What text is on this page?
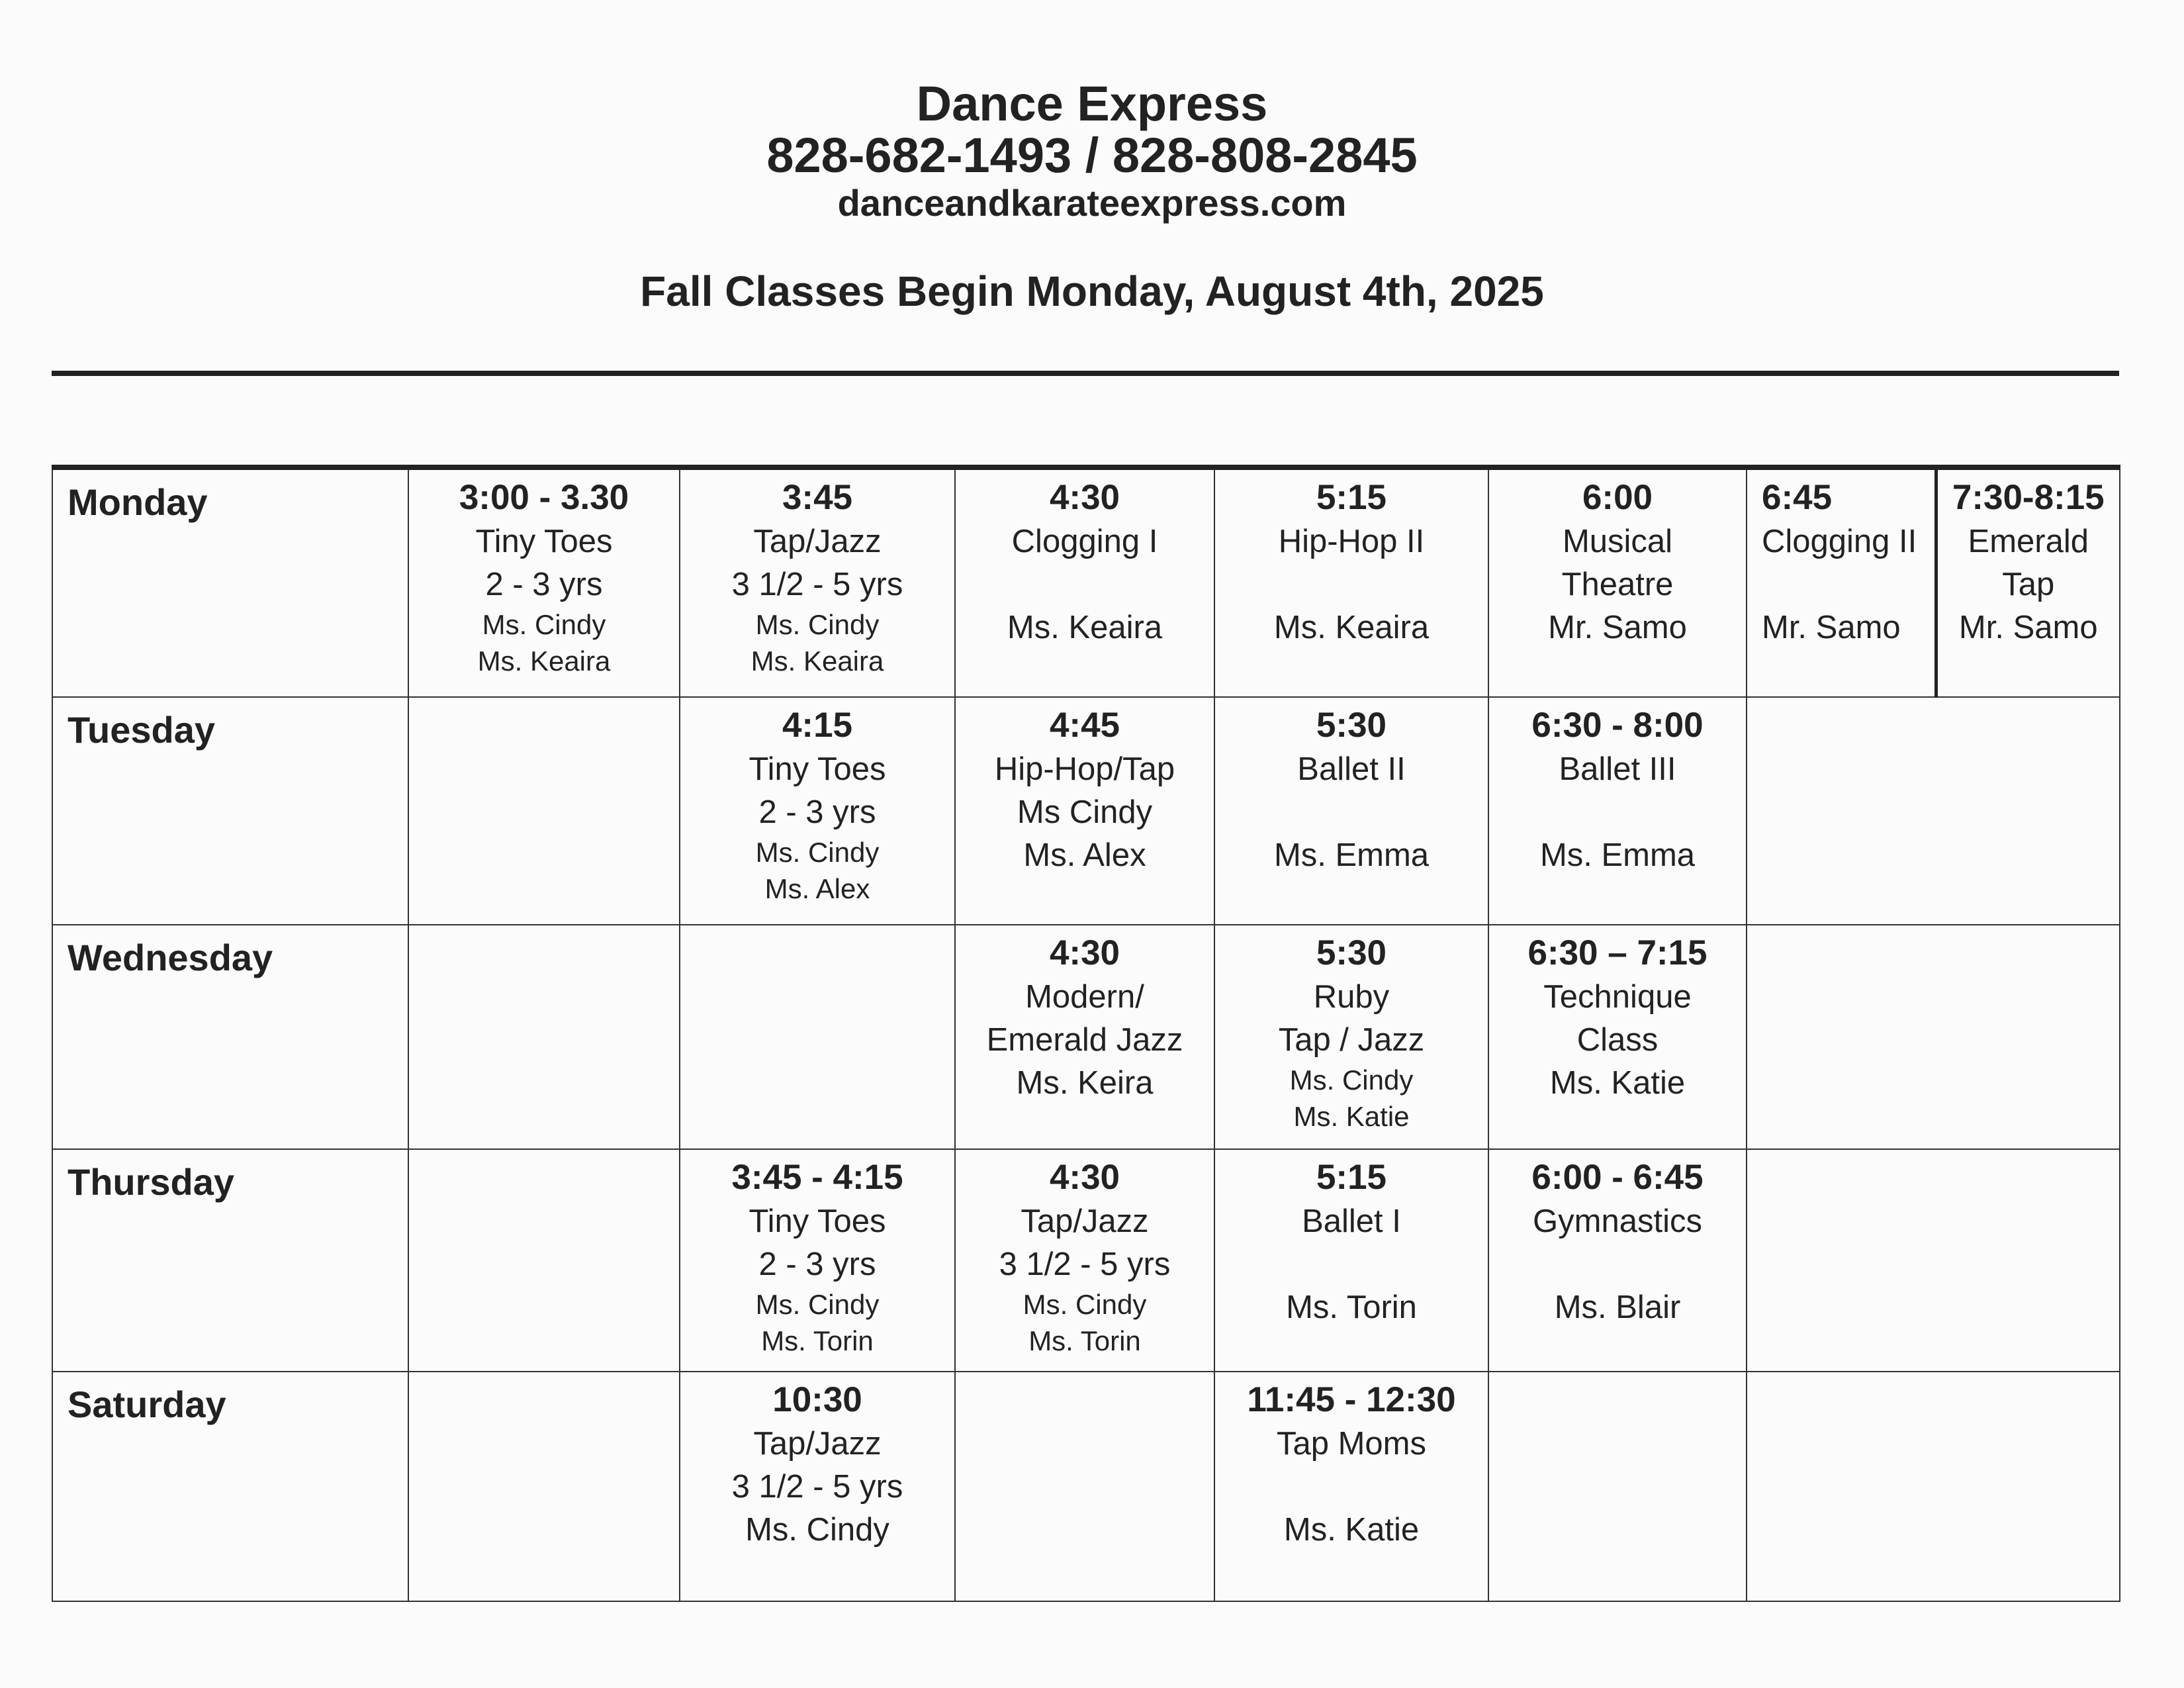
Dance Express
828-682-1493 / 828-808-2845
danceandkarateexpress.com
Fall Classes Begin Monday, August 4th, 2025
Monday	3:00 - 3.30
Tiny Toes
2 - 3 yrs
Ms. Cindy
Ms. Keaira	3:45
Tap/Jazz
3 1/2 - 5 yrs
Ms. Cindy
Ms. Keaira	4:30
Clogging I
Ms. Keaira	5:15
Hip-Hop II
Ms. Keaira	6:00
Musical
Theatre
Mr. Samo	6:45
Clogging II
Mr. Samo	7:30-8:15
Emerald
Tap
Mr. Samo

Tuesday		4:15
Tiny Toes
2 - 3 yrs
Ms. Cindy
Ms. Alex	4:45
Hip-Hop/Tap
Ms Cindy
Ms. Alex	5:30
Ballet II
Ms. Emma	6:30 - 8:00
Ballet III
Ms. Emma		

Wednesday			4:30
Modern/
Emerald Jazz
Ms. Keira	5:30
Ruby
Tap / Jazz
Ms. Cindy
Ms. Katie	6:30 – 7:15
Technique
Class
Ms. Katie		

Thursday		3:45 - 4:15
Tiny Toes
2 - 3 yrs
Ms. Cindy
Ms. Torin	4:30
Tap/Jazz
3 1/2 - 5 yrs
Ms. Cindy
Ms. Torin	5:15
Ballet I
Ms. Torin	6:00 - 6:45
Gymnastics
Ms. Blair		

Saturday		10:30
Tap/Jazz
3 1/2 - 5 yrs
Ms. Cindy		11:45 - 12:30
Tap Moms
Ms. Katie			
